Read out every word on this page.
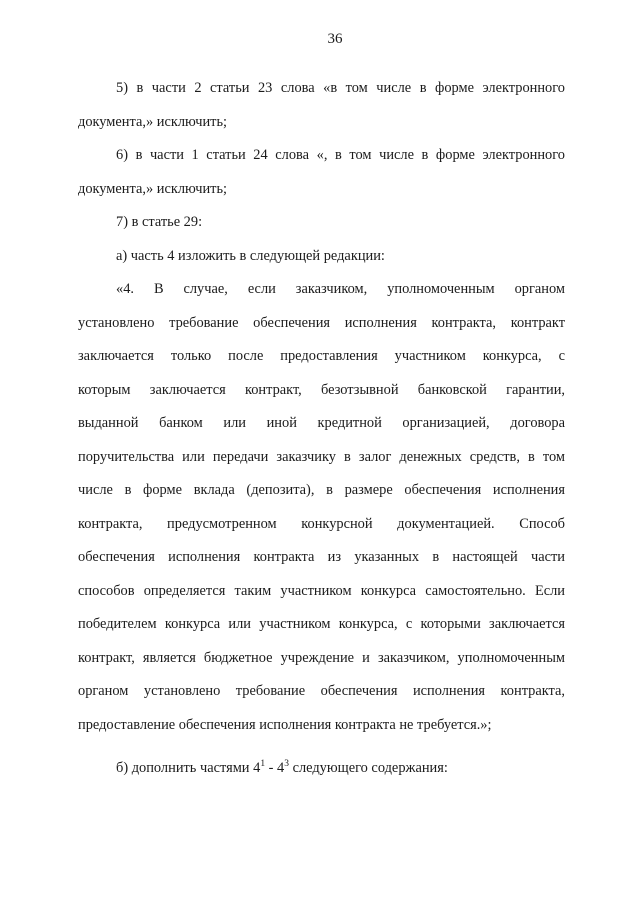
36
5) в части 2 статьи 23 слова «в том числе в форме электронного
документа,» исключить;
6) в части 1 статьи 24 слова «, в том числе в форме электронного
документа,» исключить;
7) в статье 29:
а) часть 4 изложить в следующей редакции:
«4. В случае, если заказчиком, уполномоченным органом
установлено требование обеспечения исполнения контракта, контракт
заключается только после предоставления участником конкурса, с
которым заключается контракт, безотзывной банковской гарантии,
выданной банком или иной кредитной организацией, договора
поручительства или передачи заказчику в залог денежных средств, в том
числе в форме вклада (депозита), в размере обеспечения исполнения
контракта, предусмотренном конкурсной документацией. Способ
обеспечения исполнения контракта из указанных в настоящей части
способов определяется таким участником конкурса самостоятельно. Если
победителем конкурса или участником конкурса, с которыми заключается
контракт, является бюджетное учреждение и заказчиком, уполномоченным
органом установлено требование обеспечения исполнения контракта,
предоставление обеспечения исполнения контракта не требуется.»;
б) дополнить частями $4^1 - 4^3$ следующего содержания:
